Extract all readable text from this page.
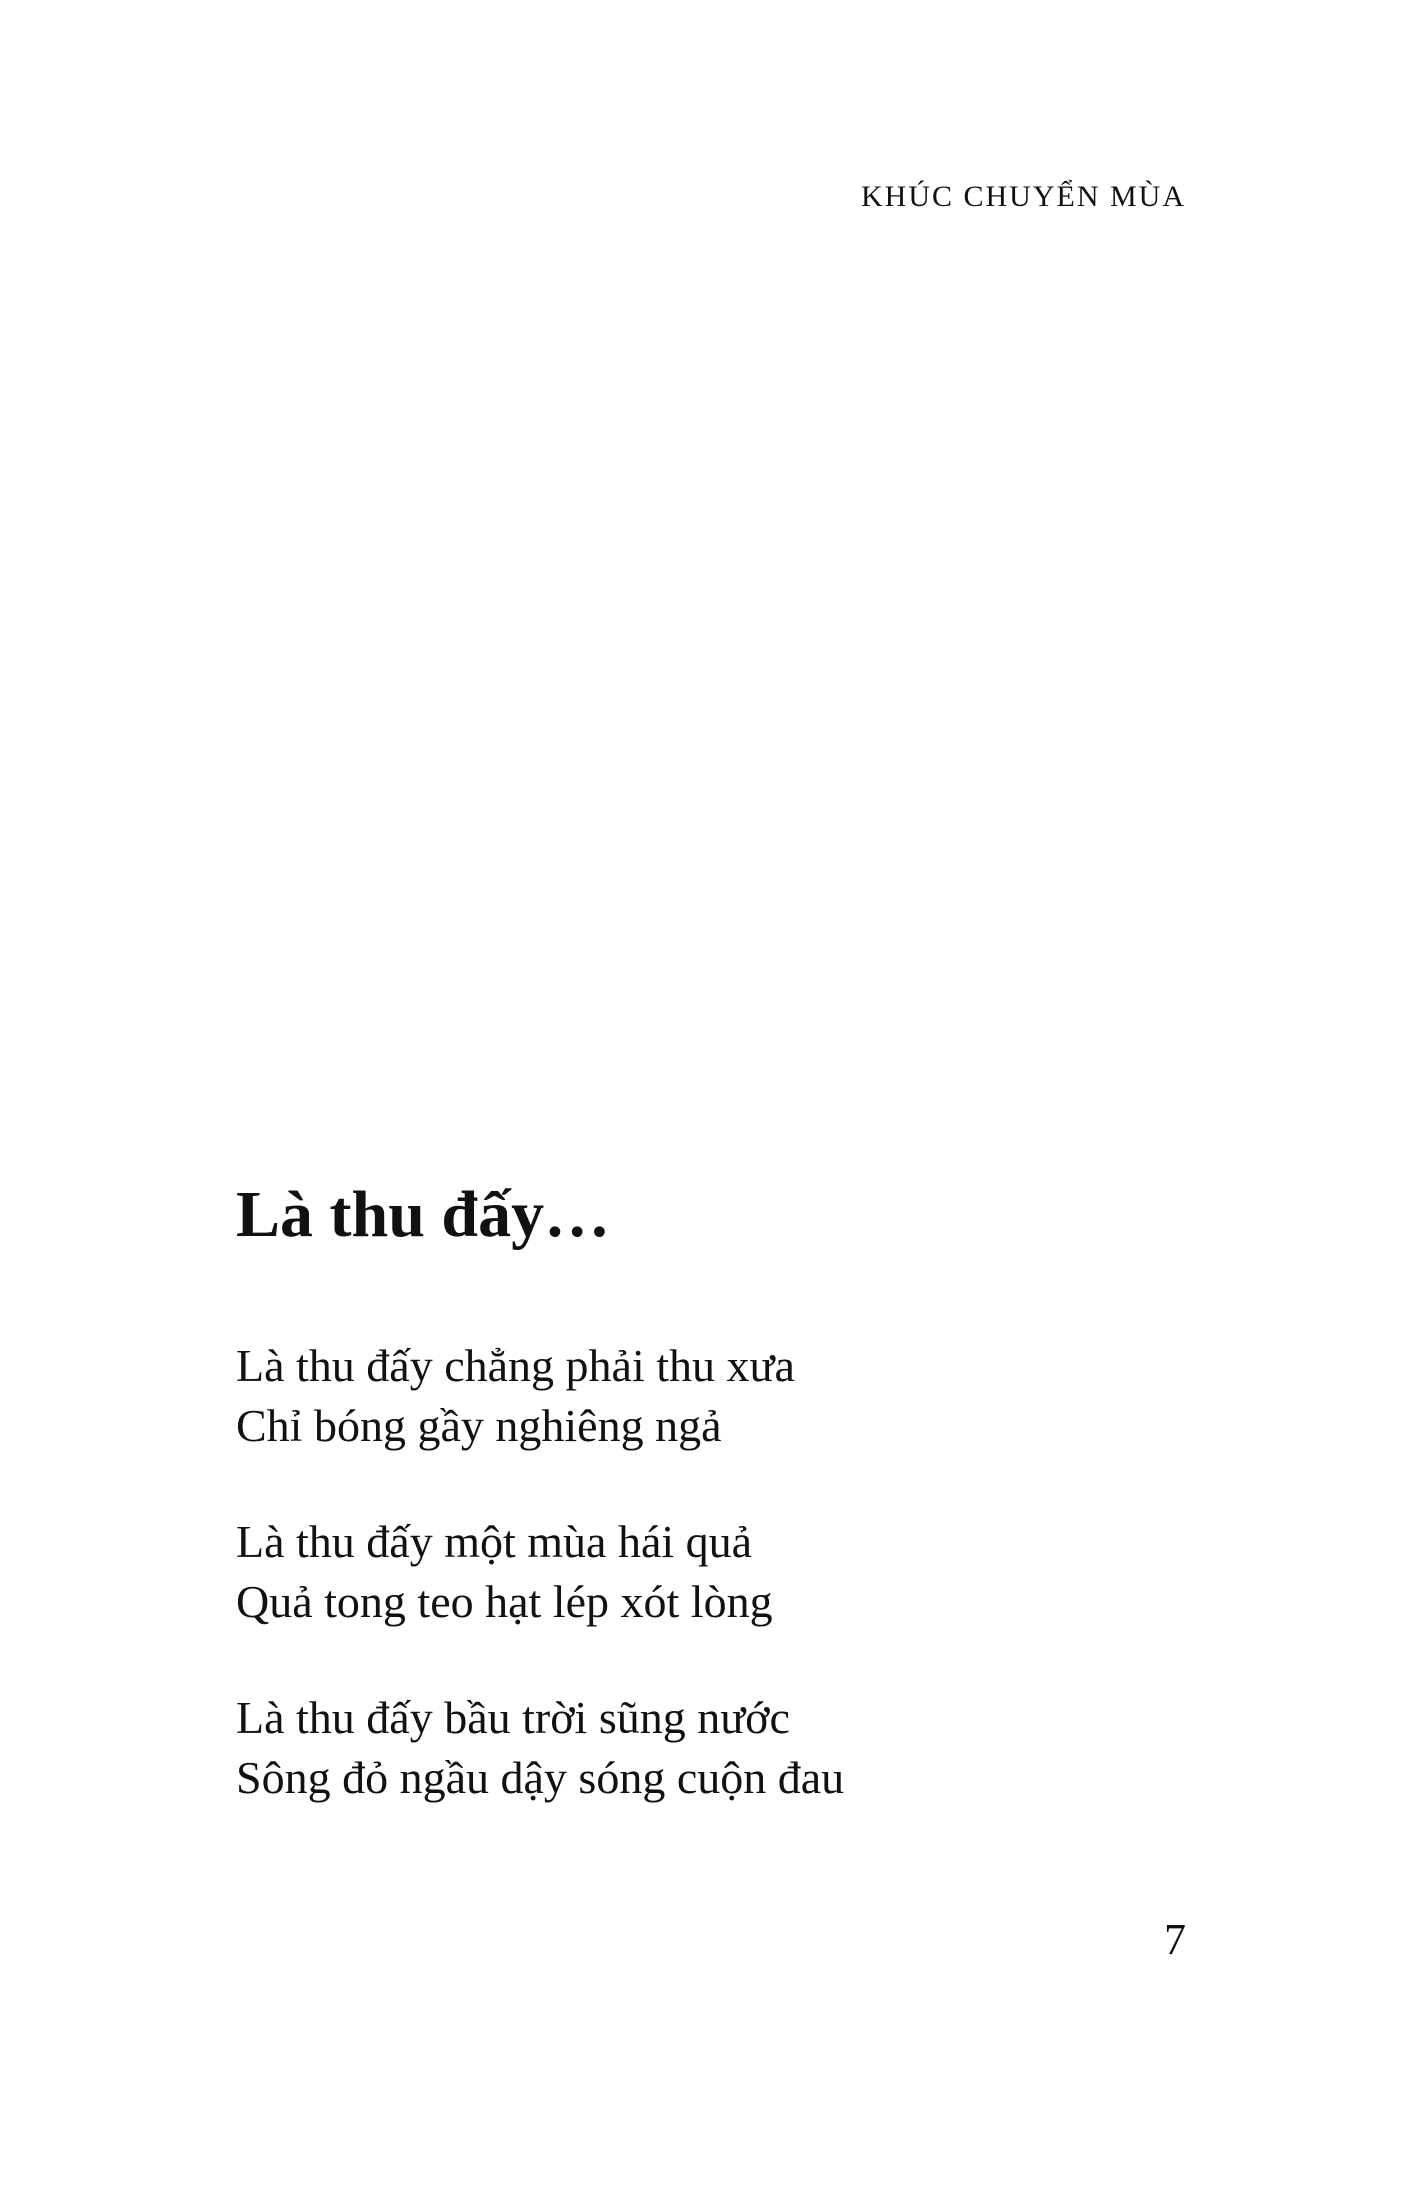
KHÚC CHUYỂN MÙA
Là thu đấy…
Là thu đấy chẳng phải thu xưa
Chỉ bóng gầy nghiêng ngả
Là thu đấy một mùa hái quả
Quả tong teo hạt lép xót lòng
Là thu đấy bầu trời sũng nước
Sông đỏ ngầu dậy sóng cuộn đau
7
